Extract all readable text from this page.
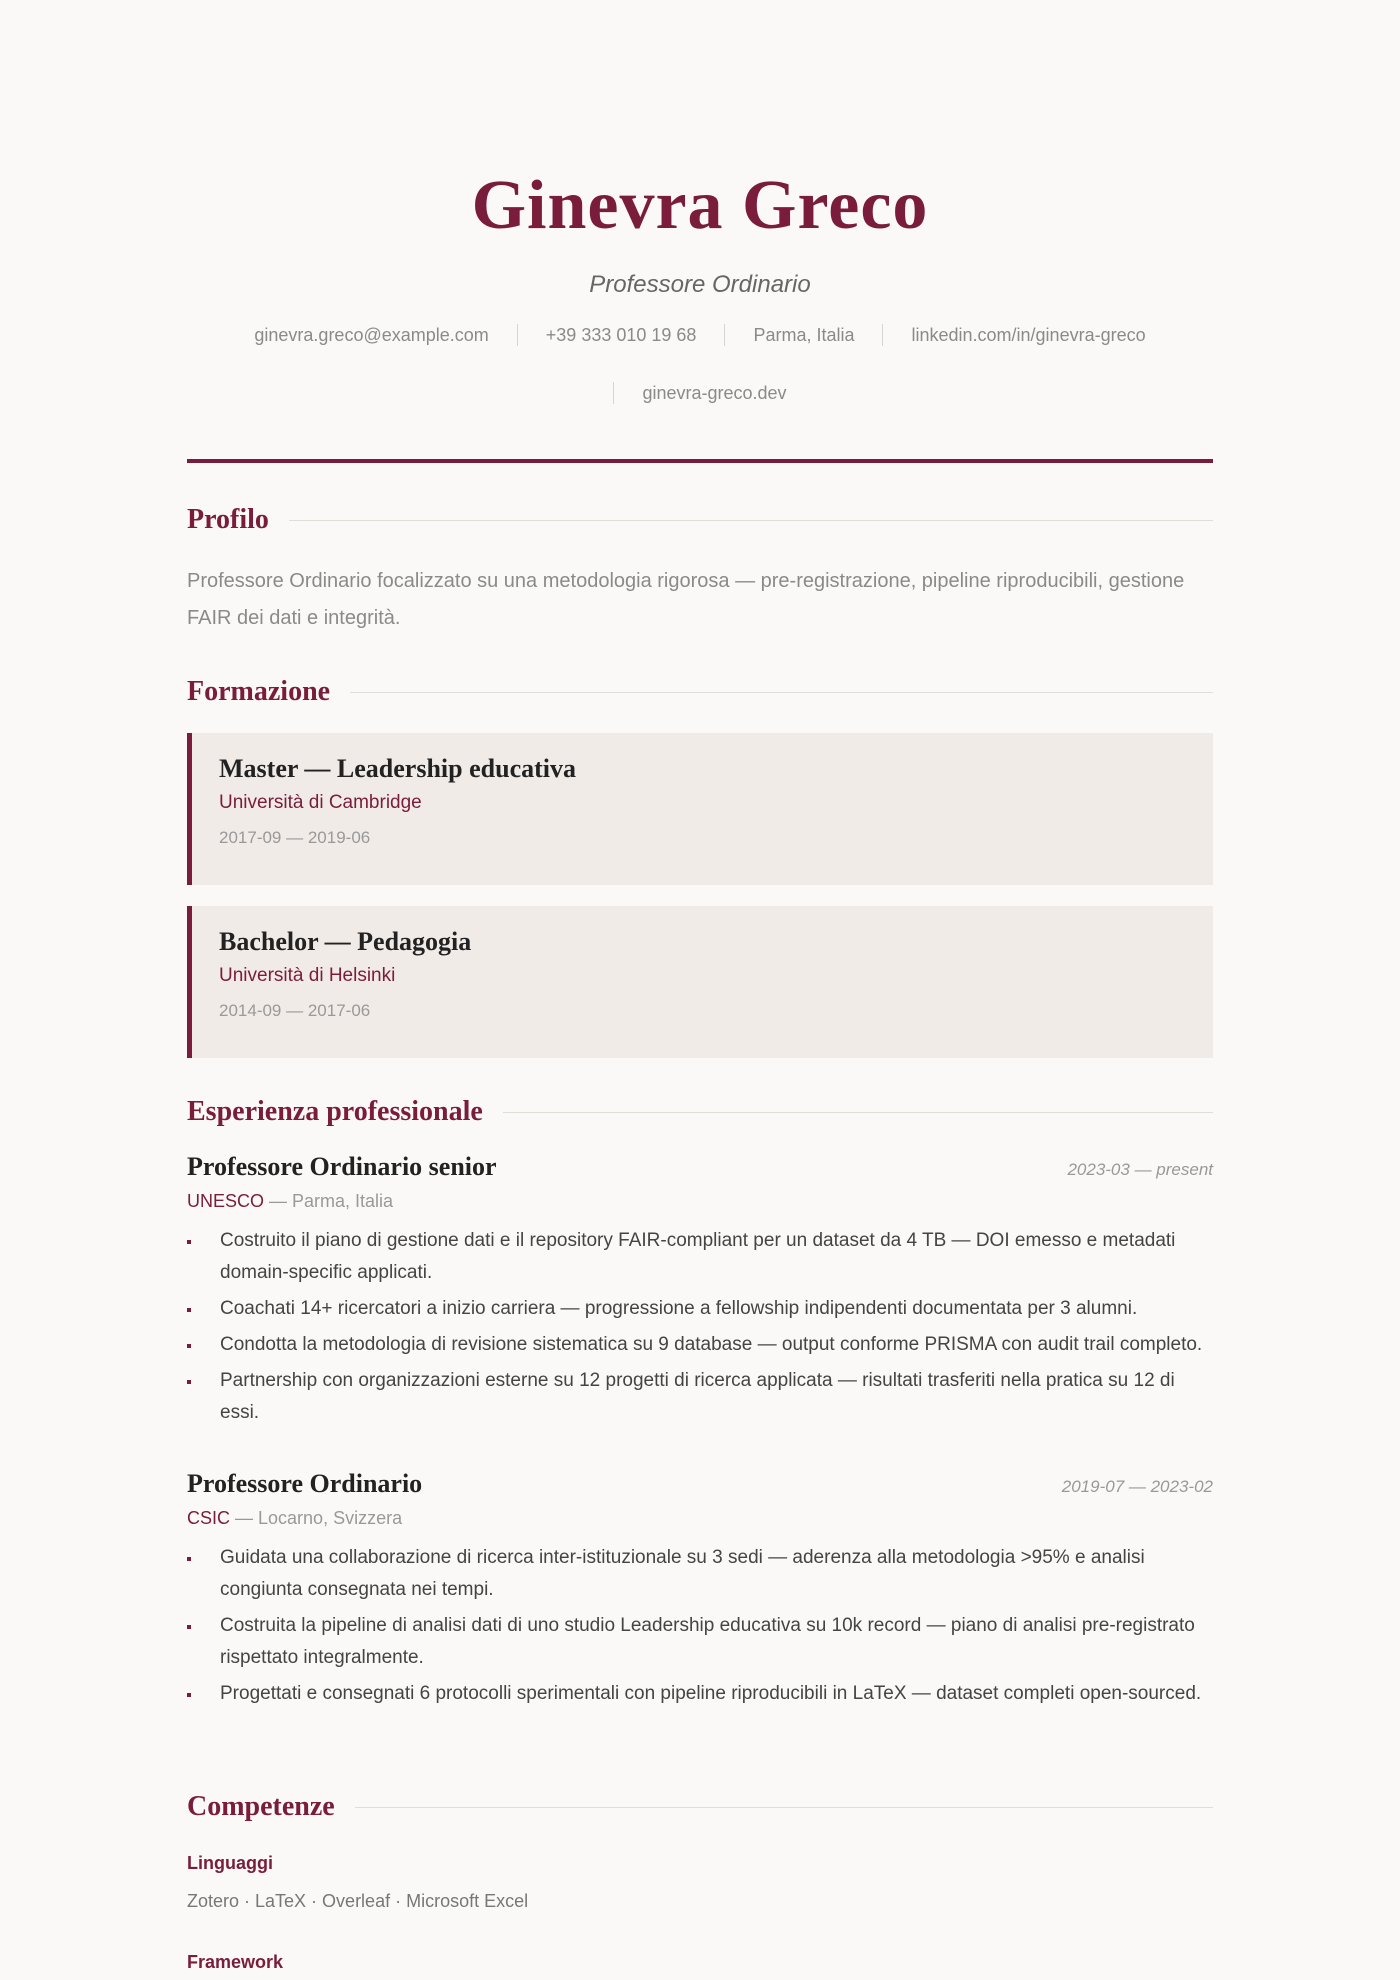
Ginevra Greco
Professore Ordinario
ginevra.greco@example.com	+39 333 010 19 68	Parma, Italia	linkedin.com/in/ginevra-greco
ginevra-greco.dev
Profilo

Professore Ordinario focalizzato su una metodologia rigorosa — pre-registrazione, pipeline riproducibili, gestione FAIR dei dati e integrità.

Formazione
Master — Leadership educativa
Università di Cambridge
2017-09 — 2019-06
Bachelor — Pedagogia
Università di Helsinki
2014-09 — 2017-06
Esperienza professionale
Professore Ordinario senior	2023-03 — present
UNESCO — Parma, Italia
Costruito il piano di gestione dati e il repository FAIR-compliant per un dataset da 4 TB — DOI emesso e metadati domain-specific applicati.
Coachati 14+ ricercatori a inizio carriera — progressione a fellowship indipendenti documentata per 3 alumni.
Condotta la metodologia di revisione sistematica su 9 database — output conforme PRISMA con audit trail completo.
Partnership con organizzazioni esterne su 12 progetti di ricerca applicata — risultati trasferiti nella pratica su 12 di essi.
Professore Ordinario	2019-07 — 2023-02
CSIC — Locarno, Svizzera
Guidata una collaborazione di ricerca inter-istituzionale su 3 sedi — aderenza alla metodologia >95% e analisi congiunta consegnata nei tempi.
Costruita la pipeline di analisi dati di uno studio Leadership educativa su 10k record — piano di analisi pre-registrato rispettato integralmente.
Progettati e consegnati 6 protocolli sperimentali con pipeline riproducibili in LaTeX — dataset completi open-sourced.
Competenze
Linguaggi
Zotero · LaTeX · Overleaf · Microsoft Excel
Framework
